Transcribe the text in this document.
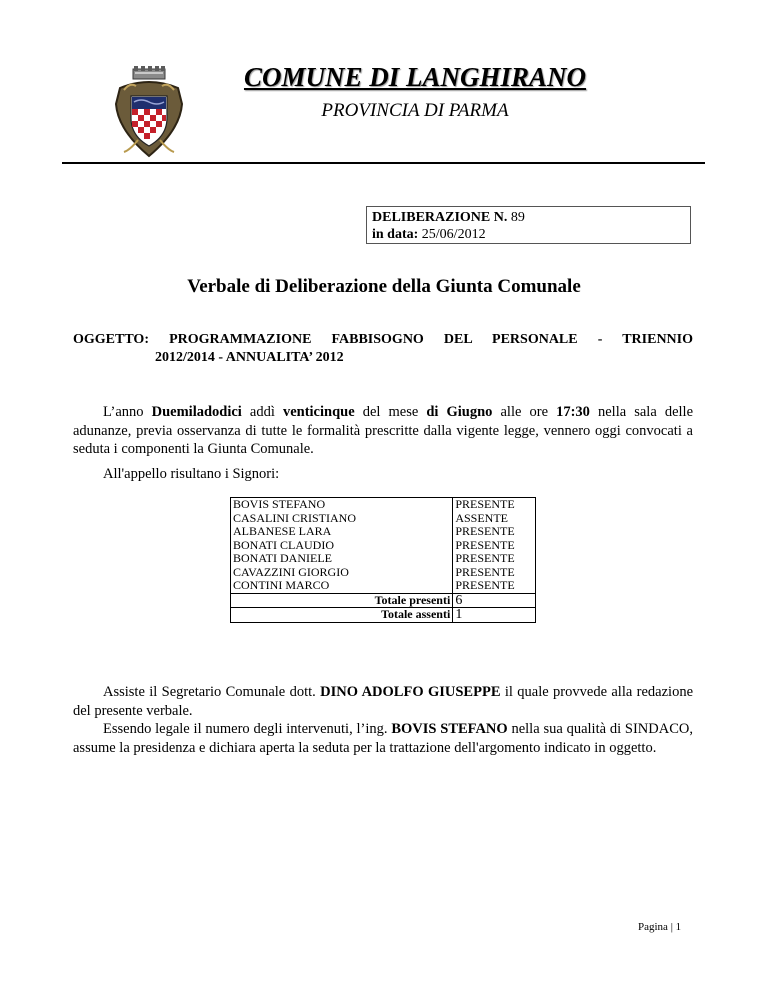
COMUNE DI LANGHIRANO
PROVINCIA DI PARMA
DELIBERAZIONE N. 89
in data: 25/06/2012
Verbale di Deliberazione della Giunta Comunale
OGGETTO: PROGRAMMAZIONE FABBISOGNO DEL PERSONALE - TRIENNIO
2012/2014 - ANNUALITA’ 2012
L’anno Duemiladodici addì venticinque del mese di Giugno alle ore 17:30 nella sala delle adunanze, previa osservanza di tutte le formalità prescritte dalla vigente legge, vennero oggi convocati a seduta i componenti la Giunta Comunale.
All'appello risultano i Signori:
BOVIS STEFANO	PRESENTE
CASALINI CRISTIANO	ASSENTE
ALBANESE LARA	PRESENTE
BONATI CLAUDIO	PRESENTE
BONATI DANIELE	PRESENTE
CAVAZZINI GIORGIO	PRESENTE
CONTINI MARCO	PRESENTE
Totale presenti	6
Totale assenti	1
Assiste il Segretario Comunale dott. DINO ADOLFO GIUSEPPE il quale provvede alla redazione del presente verbale.
Essendo legale il numero degli intervenuti, l’ing. BOVIS STEFANO nella sua qualità di SINDACO, assume la presidenza e dichiara aperta la seduta per la trattazione dell'argomento indicato in oggetto.
Pagina | 1
